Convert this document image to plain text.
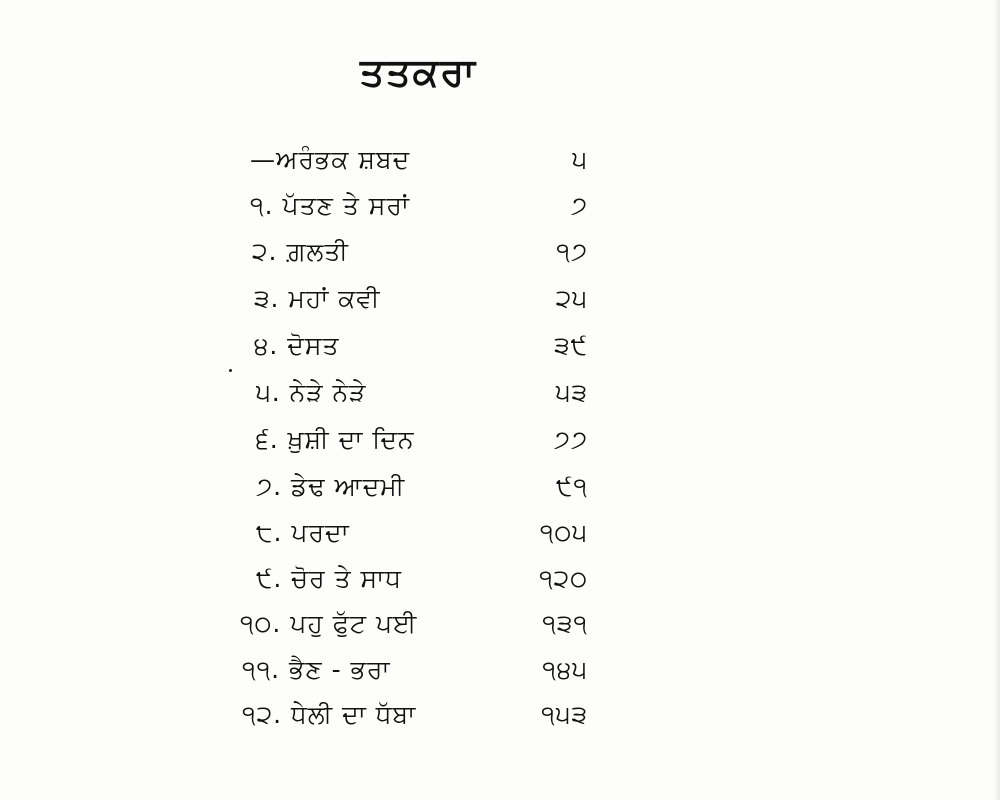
ਤਤਕਰਾ
—ਅਰੰਭਕ ਸ਼ਬਦ	੫
੧. ਪੱਤਣ ਤੇ ਸਰਾਂ	੭
੨. ਗ਼ਲਤੀ	੧੭
੩. ਮਹਾਂ ਕਵੀ	੨੫
੪. ਦੋਸਤ	੩੯
੫. ਨੇੜੇ ਨੇੜੇ	੫੩
੬. ਖ਼ੁਸ਼ੀ ਦਾ ਦਿਨ	੭੭
੭. ਡੇਢ ਆਦਮੀ	੯੧
੮. ਪਰਦਾ	੧੦੫
੯. ਚੋਰ ਤੇ ਸਾਧ	੧੨੦
੧੦. ਪਹੁ ਫੁੱਟ ਪਈ	੧੩੧
੧੧. ਭੈਣ - ਭਰਾ	੧੪੫
੧੨. ਧੇਲੀ ਦਾ ਧੱਬਾ	੧੫੩
